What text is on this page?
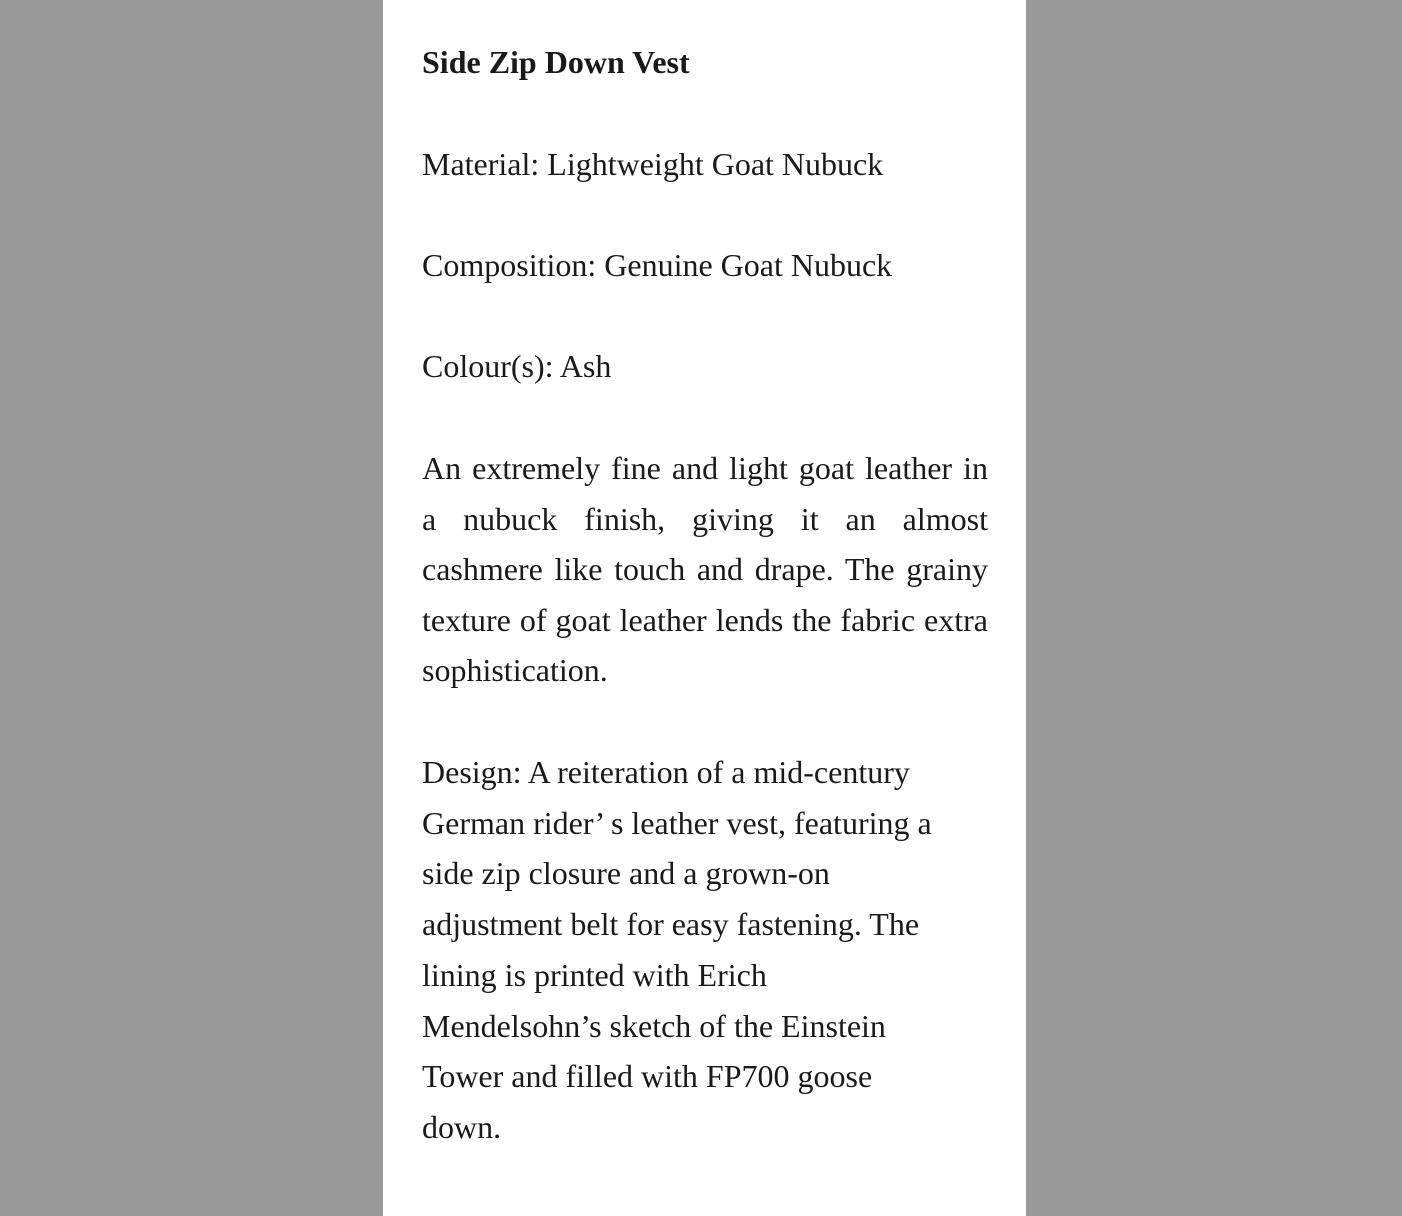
Side Zip Down Vest

Material: Lightweight Goat Nubuck

Composition: Genuine Goat Nubuck

Colour(s): Ash

An extremely fine and light goat leather in a nubuck finish, giving it an almost cashmere like touch and drape. The grainy texture of goat leather lends the fabric extra sophistication.

Design: A reiteration of a mid-century
German rider’ s leather vest, featuring a
side zip closure and a grown-on
adjustment belt for easy fastening. The
lining is printed with Erich
Mendelsohn’s sketch of the Einstein
Tower and filled with FP700 goose
down.
